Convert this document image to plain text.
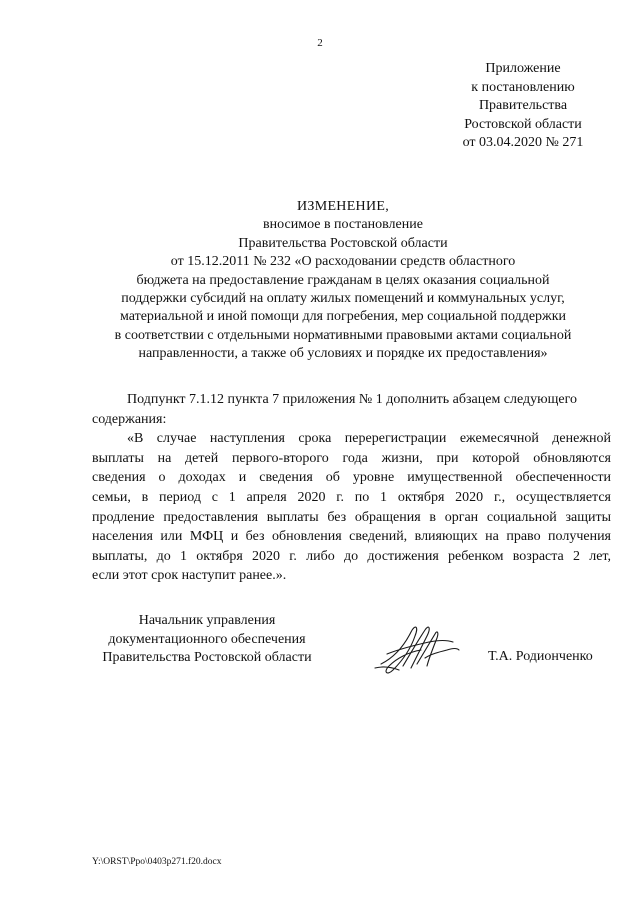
2
Приложение
к постановлению
Правительства
Ростовской области
от 03.04.2020 № 271
ИЗМЕНЕНИЕ,
вносимое в постановление
Правительства Ростовской области
от 15.12.2011 № 232 «О расходовании средств областного
бюджета на предоставление гражданам в целях оказания социальной
поддержки субсидий на оплату жилых помещений и коммунальных услуг,
материальной и иной помощи для погребения, мер социальной поддержки
в соответствии с отдельными нормативными правовыми актами социальной
направленности, а также об условиях и порядке их предоставления»
Подпункт 7.1.12 пункта 7 приложения № 1 дополнить абзацем следующего
содержания:
«В случае наступления срока перерегистрации ежемесячной денежной
выплаты на детей первого-второго года жизни, при которой обновляются
сведения о доходах и сведения об уровне имущественной обеспеченности
семьи, в период с 1 апреля 2020 г. по 1 октября 2020 г., осуществляется
продление предоставления выплаты без обращения в орган социальной защиты
населения или МФЦ и без обновления сведений, влияющих на право получения
выплаты, до 1 октября 2020 г. либо до достижения ребенком возраста 2 лет,
если этот срок наступит ранее.».
Начальник управления
документационного обеспечения
Правительства Ростовской области	Т.А. Родионченко
Y:\ORST\Ppo\0403p271.f20.docx
